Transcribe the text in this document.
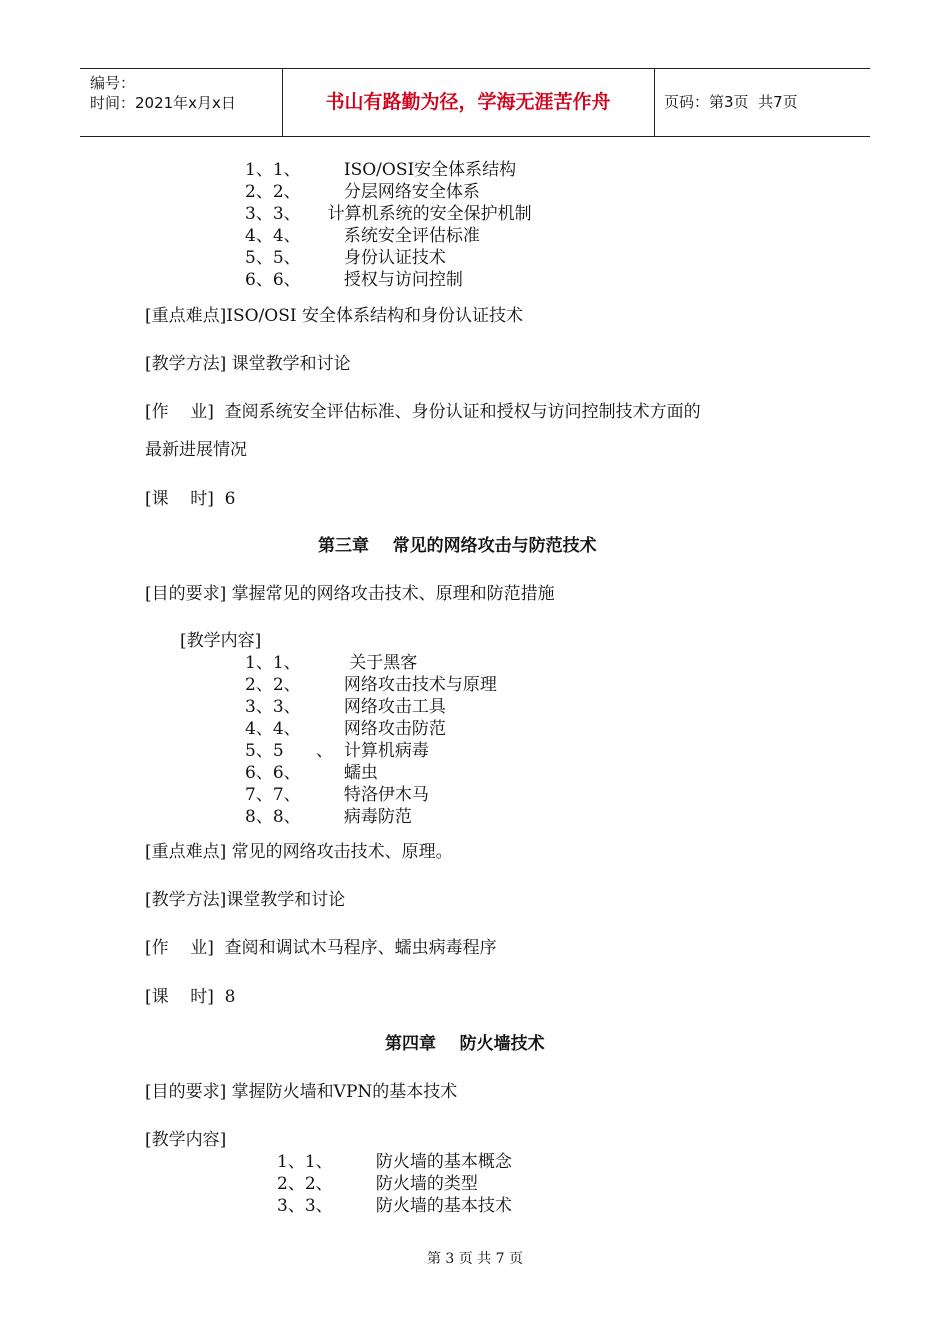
编号：
时间：2021年x月x日	书山有路勤为径，学海无涯苦作舟	页码：第3页  共7页
1、1、        ISO/OSI安全体系结构
2、2、        分层网络安全体系
3、3、     计算机系统的安全保护机制
4、4、        系统安全评估标准
5、5、        身份认证技术
6、6、        授权与访问控制
[重点难点]ISO/OSI 安全体系结构和身份认证技术
[教学方法] 课堂教学和讨论
[作    业]  查阅系统安全评估标准、身份认证和授权与访问控制技术方面的
最新进展情况
[课    时]  6
第三章    常见的网络攻击与防范技术
[目的要求] 掌握常见的网络攻击技术、原理和防范措施
[教学内容]
1、1、         关于黑客
2、2、        网络攻击技术与原理
3、3、        网络攻击工具
4、4、        网络攻击防范
5、5      、  计算机病毒
6、6、        蠕虫
7、7、        特洛伊木马
8、8、        病毒防范
[重点难点] 常见的网络攻击技术、原理。
[教学方法]课堂教学和讨论
[作    业]  查阅和调试木马程序、蠕虫病毒程序
[课    时]  8
第四章    防火墙技术
[目的要求] 掌握防火墙和VPN的基本技术
[教学内容]
1、1、        防火墙的基本概念
2、2、        防火墙的类型
3、3、        防火墙的基本技术
第 3 页 共 7 页
